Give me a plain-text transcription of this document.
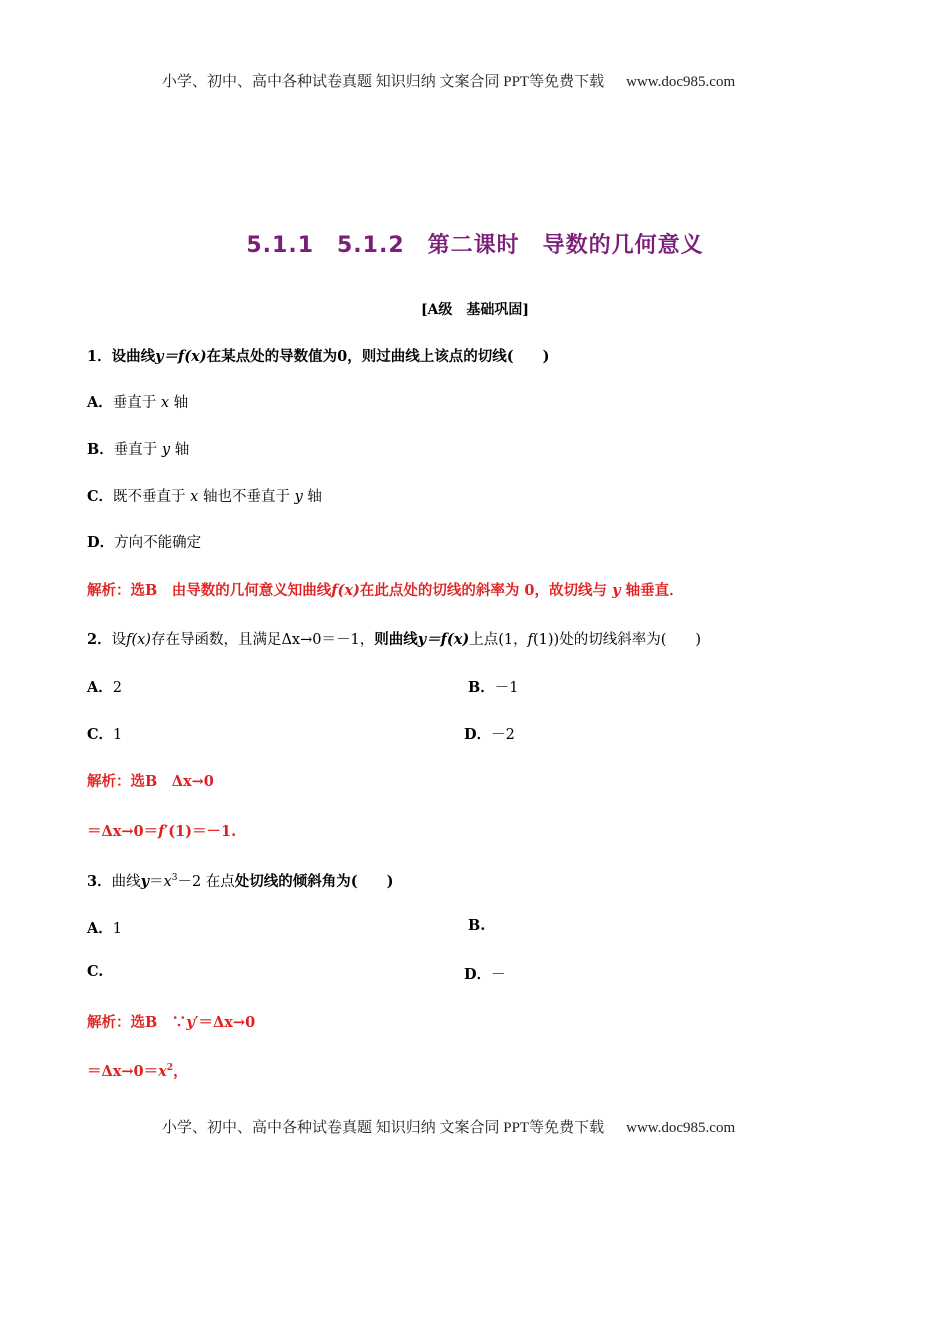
小学、初中、高中各种试卷真题 知识归纳 文案合同 PPT等免费下载 www.doc985.com
5.1.1　5.1.2　第二课时　导数的几何意义
[A级　基础巩固]
1．设曲线y＝f(x)在某点处的导数值为0，则过曲线上该点的切线(　　)
A．垂直于 x 轴
B．垂直于 y 轴
C．既不垂直于 x 轴也不垂直于 y 轴
D．方向不能确定
解析：选B　由导数的几何意义知曲线f(x)在此点处的切线的斜率为 0，故切线与 y 轴垂直．
2．设f(x)存在导函数，且满足Δx→0＝－1，则曲线y＝f(x)上点(1，f(1))处的切线斜率为(　　)
A．2	B．－1
C．1	D．－2
解析：选B　Δx→0
＝Δx→0＝f′(1)＝－1.
3．曲线$y=x^3-2$ 在点处切线的倾斜角为(　　)
A．1	B.
C.	D．－
解析：选B　∵y′＝Δx→0
$=\Delta x\to 0=x^2$，
小学、初中、高中各种试卷真题 知识归纳 文案合同 PPT等免费下载 www.doc985.com
